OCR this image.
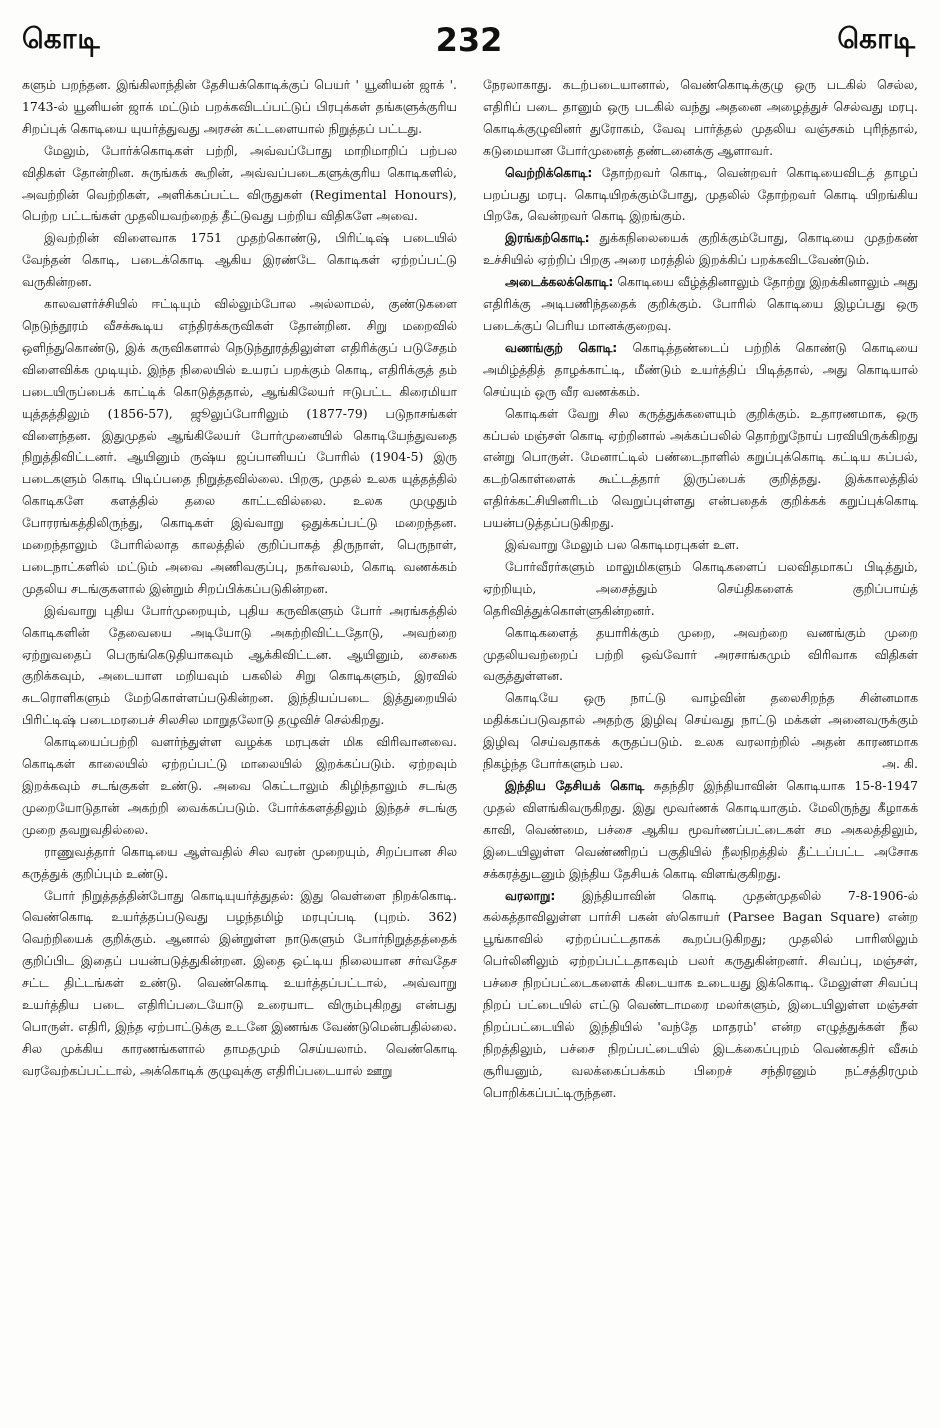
கொடி	232	கொடி

களும் பறந்தன. இங்கிலாந்தின் தேசியக்கொடிக்குப் பெயர் ' யூனியன் ஜாக் '. 1743-ல் யூனியன் ஜாக் மட்டும் பறக்கவிடப்பட்டுப் பிரபுக்கள் தங்களுக்குரிய சிறப்புக் கொடியை யுயர்த்துவது அரசன் கட்டளையால் நிறுத்தப் பட்டது.

மேலும், போர்க்கொடிகள் பற்றி, அவ்வப்போது மாறிமாறிப் பற்பல விதிகள் தோன்றின. சுருங்கக் கூறின், அவ்வப்படைகளுக்குரிய கொடிகளில், அவற்றின் வெற்றிகள், அளிக்கப்பட்ட விருதுகள் (Regimental Honours), பெற்ற பட்டங்கள் முதலியவற்றைத் தீட்டுவது பற்றிய விதிகளே அவை.

இவற்றின் விளைவாக 1751 முதற்கொண்டு, பிரிட்டிஷ் படையில் வேந்தன் கொடி, படைக்கொடி ஆகிய இரண்டே கொடிகள் ஏற்றப்பட்டு வருகின்றன.

காலவளர்ச்சியில் ஈட்டியும் வில்லும்போல அல்லாமல், குண்டுகளை நெடுந்தூரம் வீசக்கூடிய எந்திரக்கருவிகள் தோன்றின. சிறு மறைவில் ஒளிந்துகொண்டு, இக் கருவிகளால் நெடுந்தூரத்திலுள்ள எதிரிக்குப் படுசேதம் விளைவிக்க முடியும். இந்த நிலையில் உயரப் பறக்கும் கொடி, எதிரிக்குத் தம் படையிருப்பைக் காட்டிக் கொடுத்ததால், ஆங்கிலேயர் ஈடுபட்ட கிரைமியா யுத்தத்திலும் (1856-57), ஜூலுப்போரிலும் (1877-79) படுநாசங்கள் விளைந்தன. இதுமுதல் ஆங்கிலேயர் போர்முனையில் கொடியேந்துவதை நிறுத்திவிட்டனர். ஆயினும் ருஷ்ய ஜப்பானியப் போரில் (1904-5) இரு படைகளும் கொடி பிடிப்பதை நிறுத்தவில்லை. பிறகு, முதல் உலக யுத்தத்தில் கொடிகளே களத்தில் தலை காட்டவில்லை. உலக முழுதும் போரரங்கத்திலிருந்து, கொடிகள் இவ்வாறு ஒதுக்கப்பட்டு மறைந்தன. மறைந்தாலும் போரில்லாத காலத்தில் குறிப்பாகத் திருநாள், பெருநாள், படைநாட்களில் மட்டும் அவை அணிவகுப்பு, நகர்வலம், கொடி வணக்கம் முதலிய சடங்குகளால் இன்றும் சிறப்பிக்கப்படுகின்றன.

இவ்வாறு புதிய போர்முறையும், புதிய கருவிகளும் போர் அரங்கத்தில் கொடிகளின் தேவையை அடியோடு அகற்றிவிட்டதோடு, அவற்றை ஏற்றுவதைப் பெருங்கெடுதியாகவும் ஆக்கிவிட்டன. ஆயினும், சைகை குறிக்கவும், அடையாள மறியவும் பகலில் சிறு கொடிகளும், இரவில் சுடரொளிகளும் மேற்கொள்ளப்படுகின்றன. இந்தியப்படை இத்துறையில் பிரிட்டிஷ் படைமரபைச் சிலசில மாறுதலோடு தழுவிச் செல்கிறது.

கொடியைப்பற்றி வளர்ந்துள்ள வழக்க மரபுகள் மிக விரிவானவை. கொடிகள் காலையில் ஏற்றப்பட்டு மாலையில் இறக்கப்படும். ஏற்றவும் இறக்கவும் சடங்குகள் உண்டு. அவை கெட்டாலும் கிழிந்தாலும் சடங்கு முறையோடுதான் அகற்றி வைக்கப்படும். போர்க்களத்திலும் இந்தச் சடங்கு முறை தவறுவதில்லை.

ராணுவத்தார் கொடியை ஆள்வதில் சில வரன் முறையும், சிறப்பான சில கருத்துக் குறிப்பும் உண்டு.

போர் நிறுத்தத்தின்போது கொடியுயர்த்துதல்: இது வெள்ளை நிறக்கொடி. வெண்கொடி உயர்த்தப்படுவது பழந்தமிழ் மரபுப்படி (புறம். 362) வெற்றியைக் குறிக்கும். ஆனால் இன்றுள்ள நாடுகளும் போர்நிறுத்தத்தைக் குறிப்பிட இதைப் பயன்படுத்துகின்றன. இதை ஒட்டிய நிலையான சர்வதேச சட்ட திட்டங்கள் உண்டு. வெண்கொடி உயர்த்தப்பட்டால், அவ்வாறு உயர்த்திய படை எதிரிப்படையோடு உரையாட விரும்புகிறது என்பது பொருள். எதிரி, இந்த ஏற்பாட்டுக்கு உடனே இணங்க வேண்டுமென்பதில்லை. சில முக்கிய காரணங்களால் தாமதமும் செய்யலாம். வெண்கொடி வரவேற்கப்பட்டால், அக்கொடிக் குழுவுக்கு எதிரிப்படையால் ஊறு

நேரலாகாது. கடற்படையானால், வெண்கொடிக்குழு ஒரு படகில் செல்ல, எதிரிப் படை தானும் ஒரு படகில் வந்து அதனை அழைத்துச் செல்வது மரபு. கொடிக்குழுவினர் துரோகம், வேவு பார்த்தல் முதலிய வஞ்சகம் புரிந்தால், கடுமையான போர்முனைத் தண்டனைக்கு ஆளாவர்.

வெற்றிக்கொடி: தோற்றவர் கொடி, வென்றவர் கொடியைவிடத் தாழப் பறப்பது மரபு. கொடியிறக்கும்போது, முதலில் தோற்றவர் கொடி யிறங்கிய பிறகே, வென்றவர் கொடி இறங்கும்.

இரங்கற்கொடி: துக்கநிலையைக் குறிக்கும்போது, கொடியை முதற்கண் உச்சியில் ஏற்றிப் பிறகு அரை மரத்தில் இறக்கிப் பறக்கவிடவேண்டும்.

அடைக்கலக்கொடி: கொடியை வீழ்த்தினாலும் தோற்று இறக்கினாலும் அது எதிரிக்கு அடிபணிந்ததைக் குறிக்கும். போரில் கொடியை இழப்பது ஒரு படைக்குப் பெரிய மானக்குறைவு.

வணங்குற் கொடி: கொடித்தண்டைப் பற்றிக் கொண்டு கொடியை அமிழ்த்தித் தாழக்காட்டி, மீண்டும் உயர்த்திப் பிடித்தால், அது கொடியால் செய்யும் ஒரு வீர வணக்கம்.

கொடிகள் வேறு சில கருத்துக்களையும் குறிக்கும். உதாரணமாக, ஒரு கப்பல் மஞ்சள் கொடி ஏற்றினால் அக்கப்பலில் தொற்றுநோய் பரவியிருக்கிறது என்று பொருள். மேனாட்டில் பண்டைநாளில் கறுப்புக்கொடி கட்டிய கப்பல், கடற்கொள்ளைக் கூட்டத்தார் இருப்பைக் குறித்தது. இக்காலத்தில் எதிர்க்கட்சியினரிடம் வெறுப்புள்ளது என்பதைக் குறிக்கக் கறுப்புக்கொடி பயன்படுத்தப்படுகிறது.

இவ்வாறு மேலும் பல கொடிமரபுகள் உள.

போர்வீரர்களும் மாலுமிகளும் கொடிகளைப் பலவிதமாகப் பிடித்தும், ஏற்றியும், அசைத்தும் செய்திகளைக் குறிப்பாய்த் தெரிவித்துக்கொள்ளுகின்றனர்.

கொடிகளைத் தயாரிக்கும் முறை, அவற்றை வணங்கும் முறை முதலியவற்றைப் பற்றி ஒவ்வோர் அரசாங்கமும் விரிவாக விதிகள் வகுத்துள்ளன.

கொடியே ஒரு நாட்டு வாழ்வின் தலைசிறந்த சின்னமாக மதிக்கப்படுவதால் அதற்கு இழிவு செய்வது நாட்டு மக்கள் அனைவருக்கும் இழிவு செய்வதாகக் கருதப்படும். உலக வரலாற்றில் அதன் காரணமாக நிகழ்ந்த போர்களும் பல.	அ. கி.

இந்திய தேசியக் கொடி சுதந்திர இந்தியாவின் கொடியாக 15-8-1947 முதல் விளங்கிவருகிறது. இது மூவர்ணக் கொடியாகும். மேலிருந்து கீழாகக் காவி, வெண்மை, பச்சை ஆகிய மூவர்ணப்பட்டைகள் சம அகலத்திலும், இடையிலுள்ள வெண்ணிறப் பகுதியில் நீலநிறத்தில் தீட்டப்பட்ட அசோக சக்கரத்துடனும் இந்திய தேசியக் கொடி விளங்குகிறது.

வரலாறு: இந்தியாவின் கொடி முதன்முதலில் 7-8-1906-ல் கல்கத்தாவிலுள்ள பார்சி பகன் ஸ்கொயர் (Parsee Bagan Square) என்ற பூங்காவில் ஏற்றப்பட்டதாகக் கூறப்படுகிறது; முதலில் பாரிஸிலும் பெர்லினிலும் ஏற்றப்பட்டதாகவும் பலர் கருதுகின்றனர். சிவப்பு, மஞ்சள், பச்சை நிறப்பட்டைகளைக் கிடையாக உடையது இக்கொடி. மேலுள்ள சிவப்பு நிறப் பட்டையில் எட்டு வெண்டாமரை மலர்களும், இடையிலுள்ள மஞ்சள் நிறப்பட்டையில் இந்தியில் 'வந்தே மாதரம்' என்ற எழுத்துக்கள் நீல நிறத்திலும், பச்சை நிறப்பட்டையில் இடக்கைப்புறம் வெண்கதிர் வீசும் சூரியனும், வலக்கைப்பக்கம் பிறைச் சந்திரனும் நட்சத்திரமும் பொறிக்கப்பட்டிருந்தன.
